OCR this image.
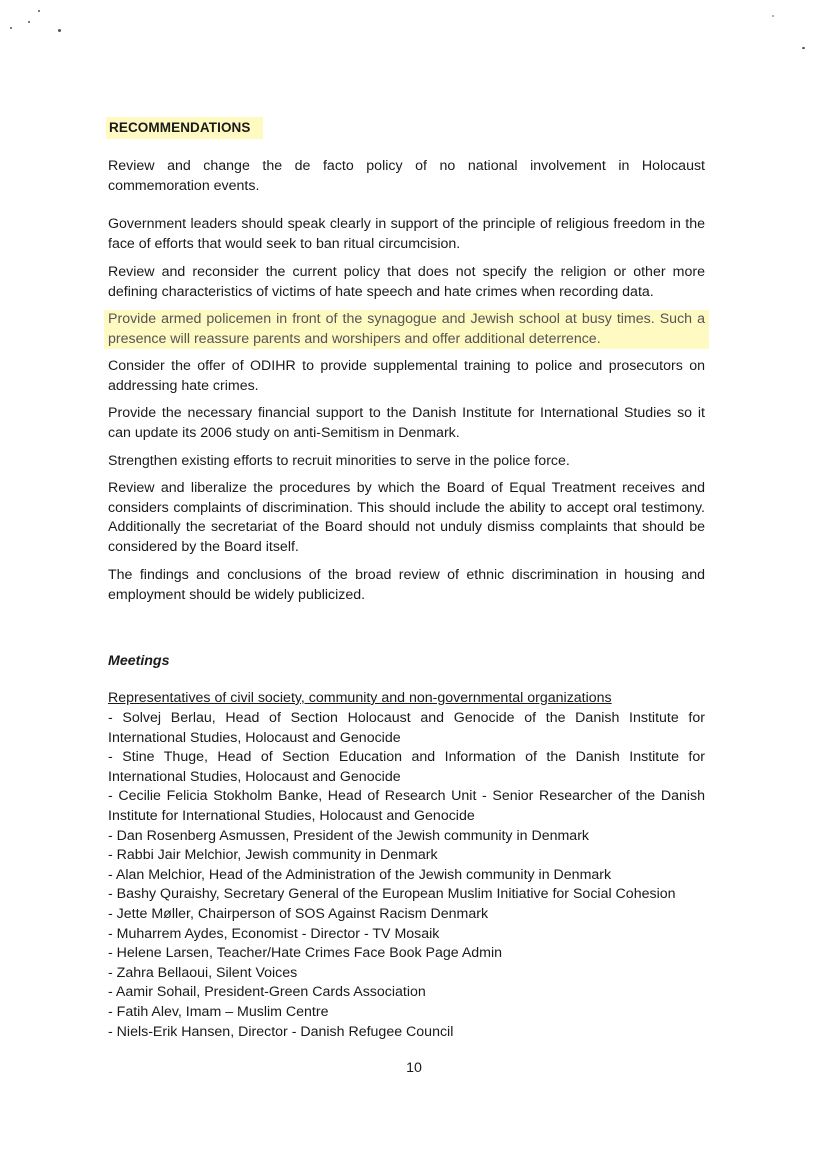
RECOMMENDATIONS
Review and change the de facto policy of no national involvement in Holocaust commemoration events.
Government leaders should speak clearly in support of the principle of religious freedom in the face of efforts that would seek to ban ritual circumcision.
Review and reconsider the current policy that does not specify the religion or other more defining characteristics of victims of hate speech and hate crimes when recording data.
Provide armed policemen in front of the synagogue and Jewish school at busy times. Such a presence will reassure parents and worshipers and offer additional deterrence.
Consider the offer of ODIHR to provide supplemental training to police and prosecutors on addressing hate crimes.
Provide the necessary financial support to the Danish Institute for International Studies so it can update its 2006 study on anti-Semitism in Denmark.
Strengthen existing efforts to recruit minorities to serve in the police force.
Review and liberalize the procedures by which the Board of Equal Treatment receives and considers complaints of discrimination. This should include the ability to accept oral testimony. Additionally the secretariat of the Board should not unduly dismiss complaints that should be considered by the Board itself.
The findings and conclusions of the broad review of ethnic discrimination in housing and employment should be widely publicized.
Meetings
Representatives of civil society, community and non-governmental organizations
- Solvej Berlau, Head of Section Holocaust and Genocide of the Danish Institute for International Studies, Holocaust and Genocide
- Stine Thuge, Head of Section Education and Information of the Danish Institute for International Studies, Holocaust and Genocide
- Cecilie Felicia Stokholm Banke, Head of Research Unit - Senior Researcher of the Danish Institute for International Studies, Holocaust and Genocide
- Dan Rosenberg Asmussen, President of the Jewish community in Denmark
- Rabbi Jair Melchior, Jewish community in Denmark
- Alan Melchior, Head of the Administration of the Jewish community in Denmark
- Bashy Quraishy, Secretary General of the European Muslim Initiative for Social Cohesion
- Jette Møller, Chairperson of SOS Against Racism Denmark
- Muharrem Aydes, Economist - Director - TV Mosaik
- Helene Larsen, Teacher/Hate Crimes Face Book Page Admin
- Zahra Bellaoui, Silent Voices
- Aamir Sohail, President-Green Cards Association
- Fatih Alev, Imam – Muslim Centre
- Niels-Erik Hansen, Director - Danish Refugee Council
10
